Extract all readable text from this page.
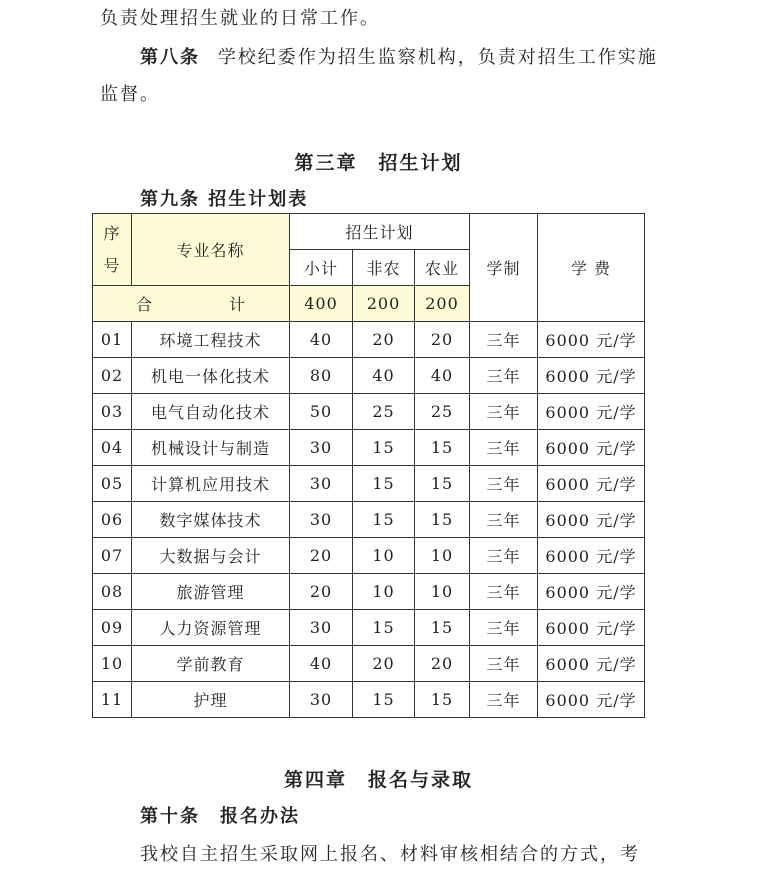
负责处理招生就业的日常工作。
第八条 学校纪委作为招生监察机构，负责对招生工作实施
监督。
第三章　招生计划
第九条 招生计划表
序
号	专业名称	招生计划			学制	学 费
		小计	非农	农业		
合 计		400	200	200		
01	环境工程技术	40	20	20	三年	6000 元/学
02	机电一体化技术	80	40	40	三年	6000 元/学
03	电气自动化技术	50	25	25	三年	6000 元/学
04	机械设计与制造	30	15	15	三年	6000 元/学
05	计算机应用技术	30	15	15	三年	6000 元/学
06	数字媒体技术	30	15	15	三年	6000 元/学
07	大数据与会计	20	10	10	三年	6000 元/学
08	旅游管理	20	10	10	三年	6000 元/学
09	人力资源管理	30	15	15	三年	6000 元/学
10	学前教育	40	20	20	三年	6000 元/学
11	护理	30	15	15	三年	6000 元/学
第四章　报名与录取
第十条　报名办法
我校自主招生采取网上报名、材料审核相结合的方式，考
